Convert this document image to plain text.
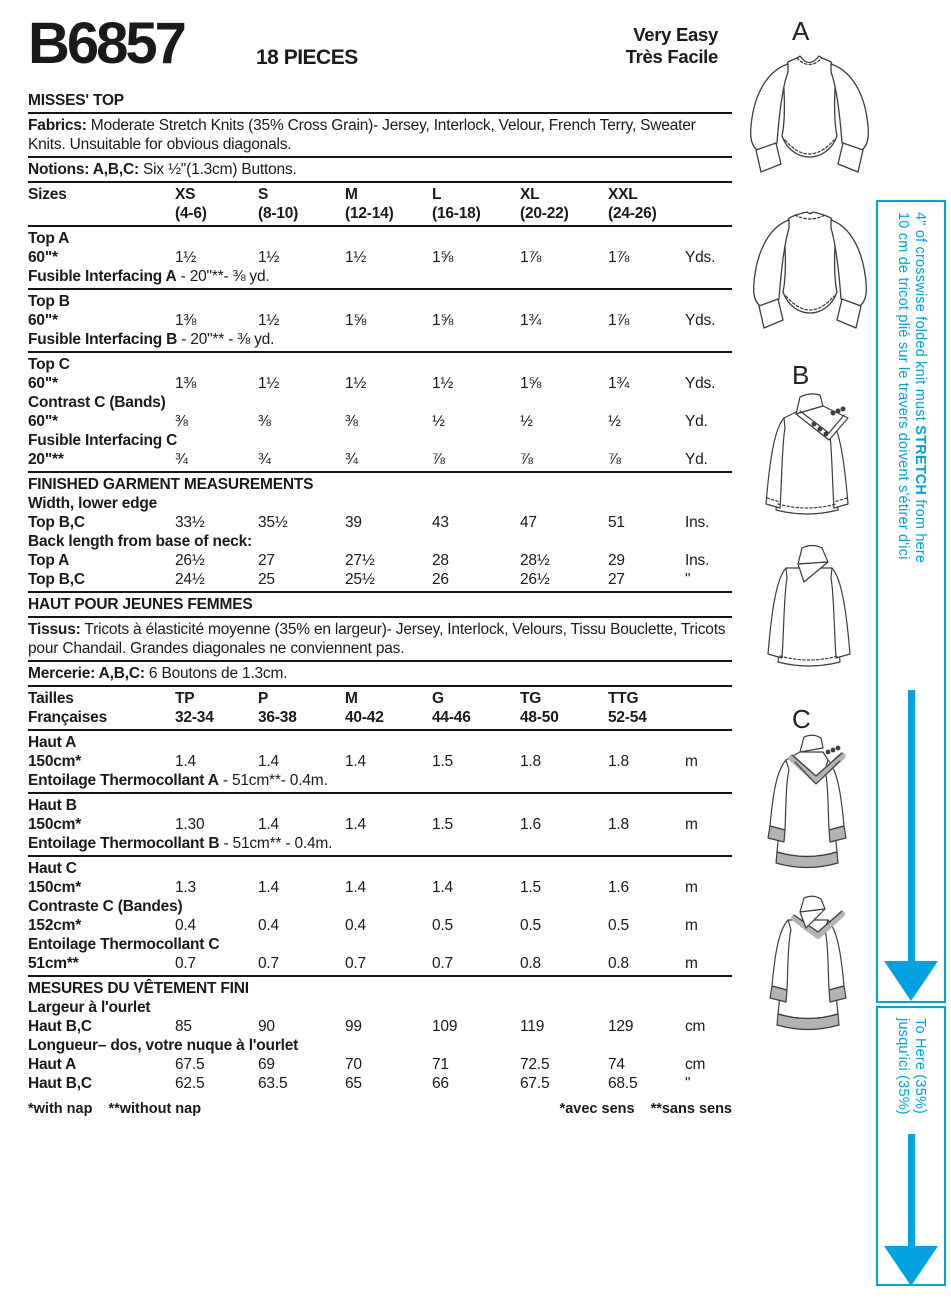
B6857	18 PIECES
Very Easy
Très Facile
MISSES' TOP
Fabrics: Moderate Stretch Knits (35% Cross Grain)- Jersey, Interlock, Velour, French Terry, Sweater Knits. Unsuitable for obvious diagonals.
Notions: A,B,C: Six ½"(1.3cm) Buttons.
Sizes	XS	S	M	L	XL	XXL
(4-6)	(8-10)	(12-14)	(16-18)	(20-22)	(24-26)
Top A
60"*	1½	1½	1½	1⅝	1⅞	1⅞	Yds.
Fusible Interfacing A - 20"**- ⅜ yd.
Top B
60"*	1⅜	1½	1⅝	1⅝	1¾	1⅞	Yds.
Fusible Interfacing B - 20"** - ⅜ yd.
Top C
60"*	1⅜	1½	1½	1½	1⅝	1¾	Yds.
Contrast C (Bands)
60"*	⅜	⅜	⅜	½	½	½	Yd.
Fusible Interfacing C
20"**	¾	¾	¾	⅞	⅞	⅞	Yd.
FINISHED GARMENT MEASUREMENTS
Width, lower edge
Top B,C	33½	35½	39	43	47	51	Ins.
Back length from base of neck:
Top A	26½	27	27½	28	28½	29	Ins.
Top B,C	24½	25	25½	26	26½	27	"
HAUT POUR JEUNES FEMMES
Tissus: Tricots à élasticité moyenne (35% en largeur)- Jersey, Interlock, Velours, Tissu Bouclette, Tricots pour Chandail. Grandes diagonales ne conviennent pas.
Mercerie: A,B,C: 6 Boutons de 1.3cm.
Tailles	TP	P	M	G	TG	TTG
Françaises	32-34	36-38	40-42	44-46	48-50	52-54
Haut A
150cm*	1.4	1.4	1.4	1.5	1.8	1.8	m
Entoilage Thermocollant A - 51cm**- 0.4m.
Haut B
150cm*	1.30	1.4	1.4	1.5	1.6	1.8	m
Entoilage Thermocollant B - 51cm** - 0.4m.
Haut C
150cm*	1.3	1.4	1.4	1.4	1.5	1.6	m
Contraste C (Bandes)
152cm*	0.4	0.4	0.4	0.5	0.5	0.5	m
Entoilage Thermocollant C
51cm**	0.7	0.7	0.7	0.7	0.8	0.8	m
MESURES DU VÊTEMENT FINI
Largeur à l'ourlet
Haut B,C	85	90	99	109	119	129	cm
Longueur– dos, votre nuque à l'ourlet
Haut A	67.5	69	70	71	72.5	74	cm
Haut B,C	62.5	63.5	65	66	67.5	68.5	"
*with nap **without nap	*avec sens **sans sens
A
B
C
4" of crosswise folded knit must STRETCH from here
10 cm de tricot plié sur le travers doivent s'étirer d'ici
To Here (35%)
jusqu'ici (35%)
